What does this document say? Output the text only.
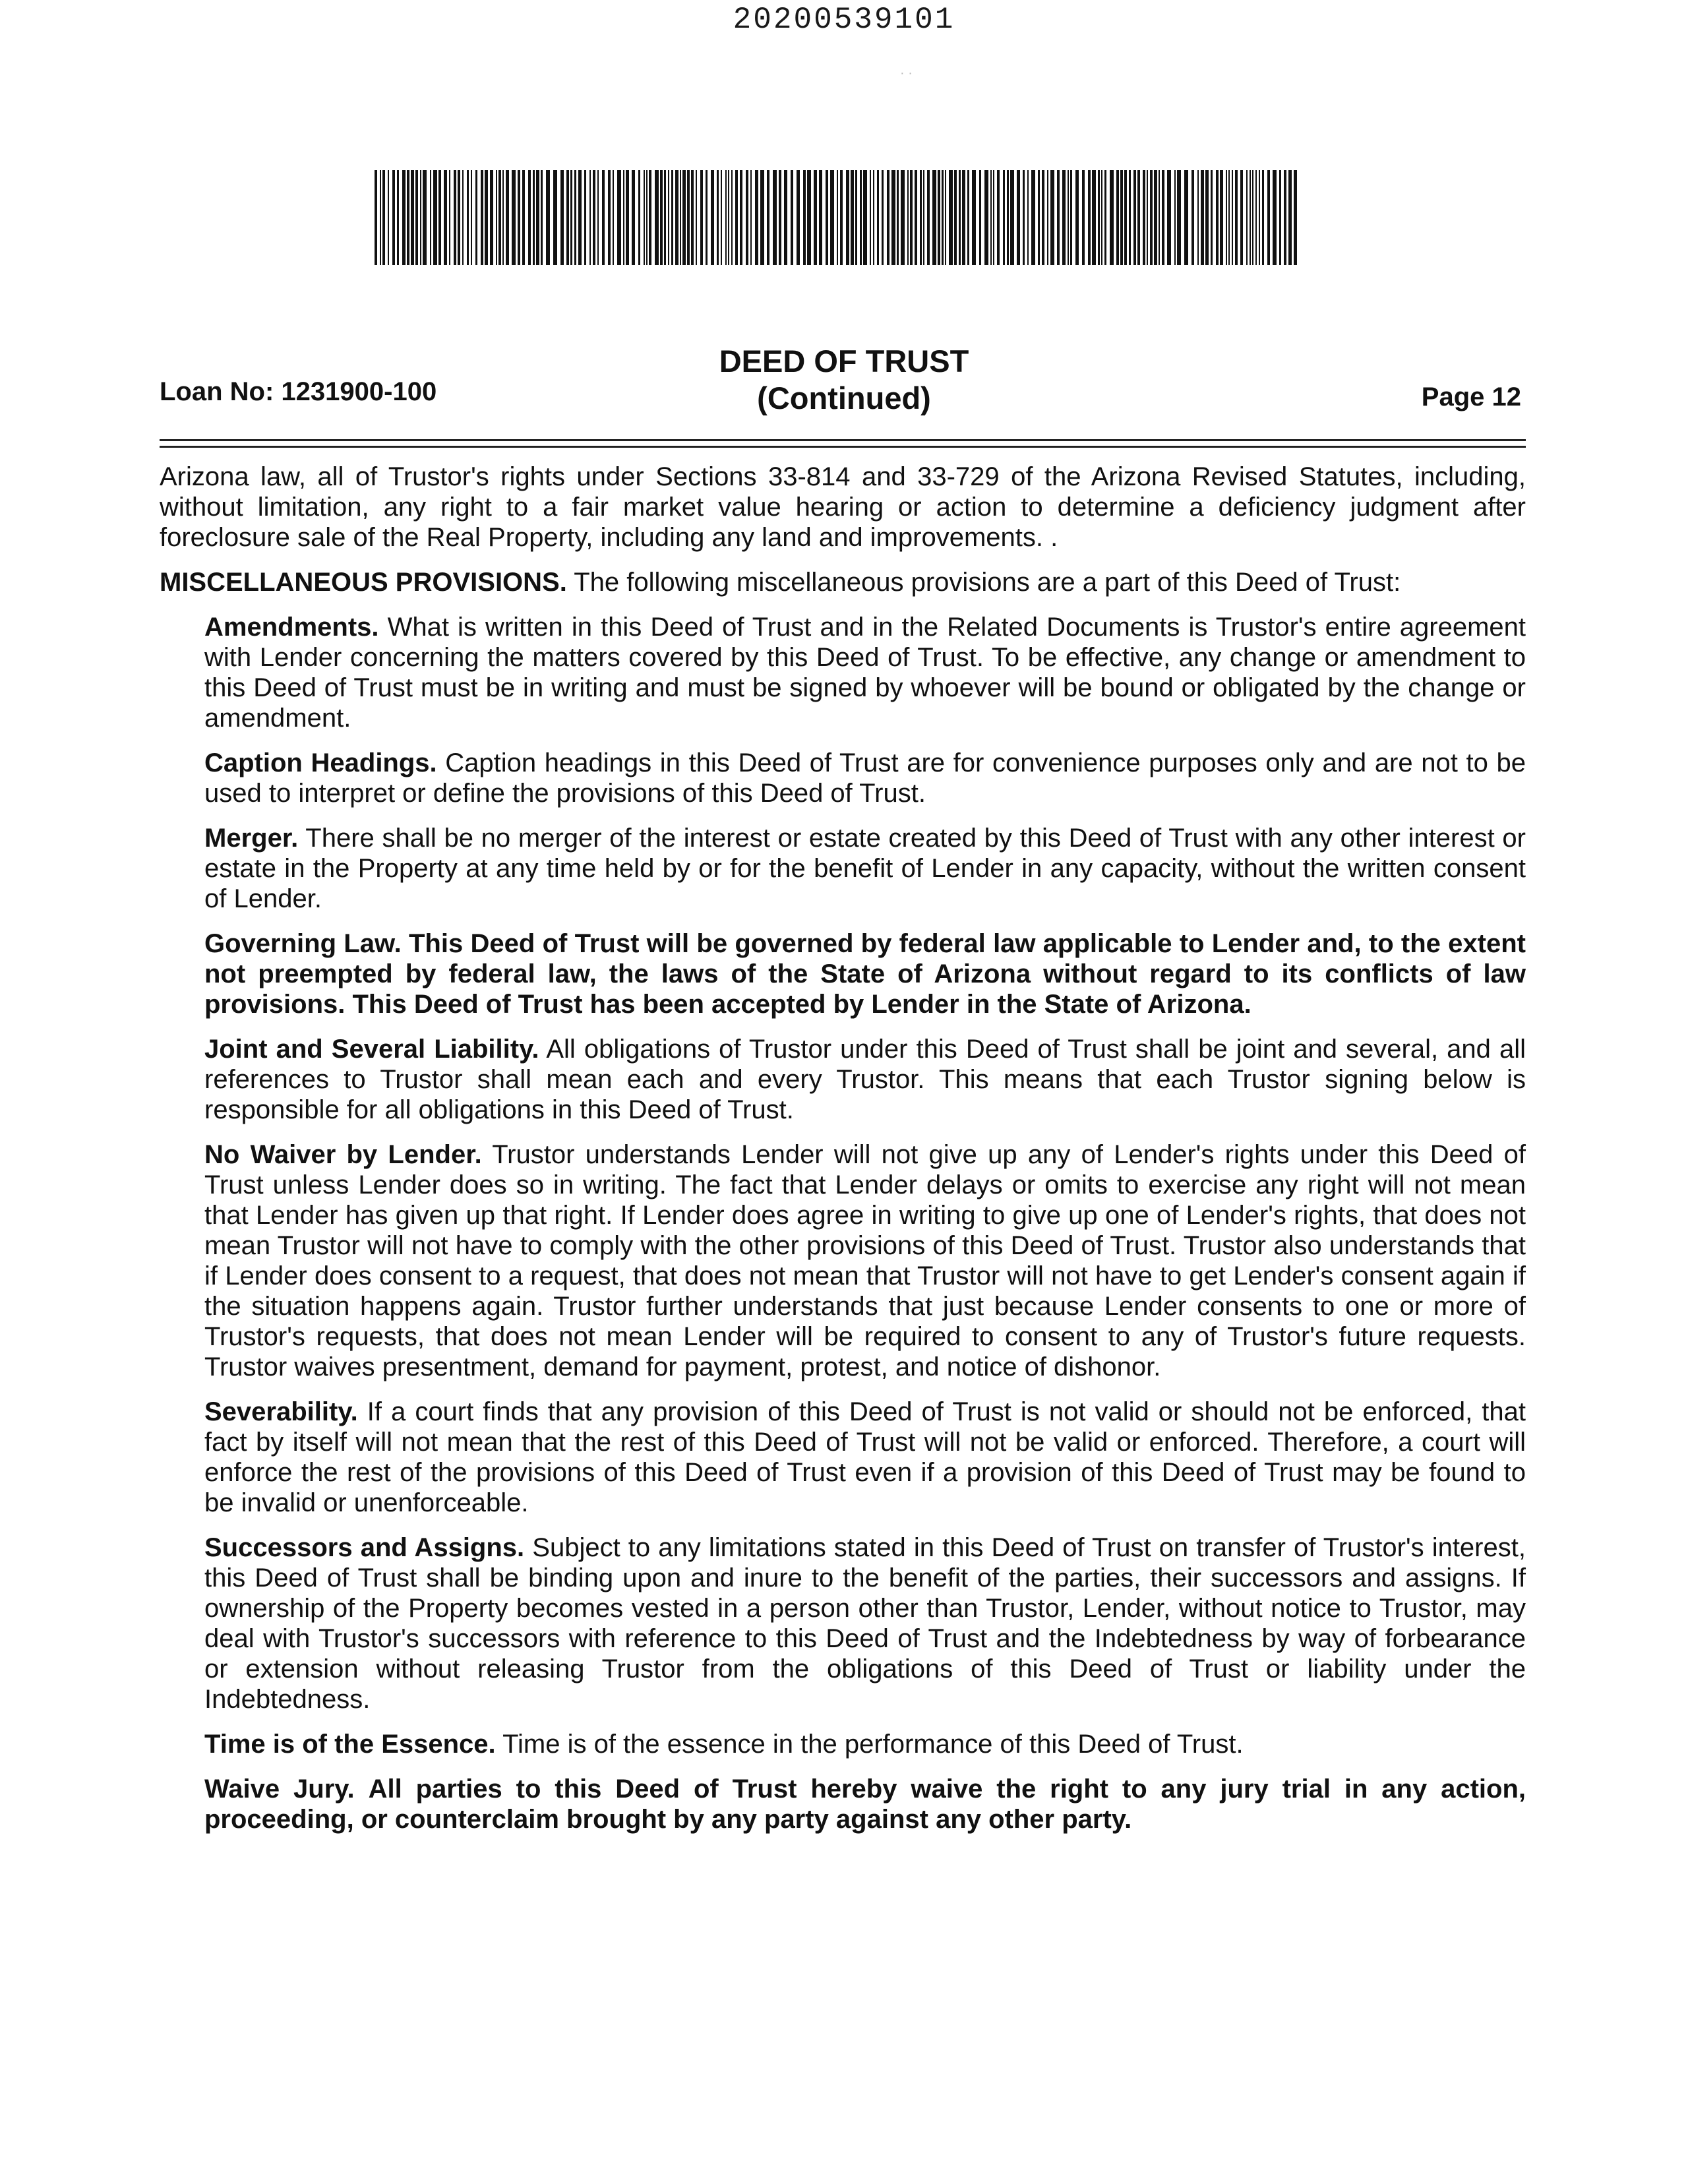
20200539101
· ·
DEED OF TRUST
(Continued)
Loan No: 1231900-100	Page 12

Arizona law, all of Trustor's rights under Sections 33-814 and 33-729 of the Arizona Revised Statutes, including, without limitation, any right to a fair market value hearing or action to determine a deficiency judgment after foreclosure sale of the Real Property, including any land and improvements. .

MISCELLANEOUS PROVISIONS. The following miscellaneous provisions are a part of this Deed of Trust:

Amendments. What is written in this Deed of Trust and in the Related Documents is Trustor's entire agreement with Lender concerning the matters covered by this Deed of Trust. To be effective, any change or amendment to this Deed of Trust must be in writing and must be signed by whoever will be bound or obligated by the change or amendment.

Caption Headings. Caption headings in this Deed of Trust are for convenience purposes only and are not to be used to interpret or define the provisions of this Deed of Trust.

Merger. There shall be no merger of the interest or estate created by this Deed of Trust with any other interest or estate in the Property at any time held by or for the benefit of Lender in any capacity, without the written consent of Lender.

Governing Law. This Deed of Trust will be governed by federal law applicable to Lender and, to the extent not preempted by federal law, the laws of the State of Arizona without regard to its conflicts of law provisions. This Deed of Trust has been accepted by Lender in the State of Arizona.

Joint and Several Liability. All obligations of Trustor under this Deed of Trust shall be joint and several, and all references to Trustor shall mean each and every Trustor. This means that each Trustor signing below is responsible for all obligations in this Deed of Trust.

No Waiver by Lender. Trustor understands Lender will not give up any of Lender's rights under this Deed of Trust unless Lender does so in writing. The fact that Lender delays or omits to exercise any right will not mean that Lender has given up that right. If Lender does agree in writing to give up one of Lender's rights, that does not mean Trustor will not have to comply with the other provisions of this Deed of Trust. Trustor also understands that if Lender does consent to a request, that does not mean that Trustor will not have to get Lender's consent again if the situation happens again. Trustor further understands that just because Lender consents to one or more of Trustor's requests, that does not mean Lender will be required to consent to any of Trustor's future requests. Trustor waives presentment, demand for payment, protest, and notice of dishonor.

Severability. If a court finds that any provision of this Deed of Trust is not valid or should not be enforced, that fact by itself will not mean that the rest of this Deed of Trust will not be valid or enforced. Therefore, a court will enforce the rest of the provisions of this Deed of Trust even if a provision of this Deed of Trust may be found to be invalid or unenforceable.

Successors and Assigns. Subject to any limitations stated in this Deed of Trust on transfer of Trustor's interest, this Deed of Trust shall be binding upon and inure to the benefit of the parties, their successors and assigns. If ownership of the Property becomes vested in a person other than Trustor, Lender, without notice to Trustor, may deal with Trustor's successors with reference to this Deed of Trust and the Indebtedness by way of forbearance or extension without releasing Trustor from the obligations of this Deed of Trust or liability under the Indebtedness.

Time is of the Essence. Time is of the essence in the performance of this Deed of Trust.

Waive Jury. All parties to this Deed of Trust hereby waive the right to any jury trial in any action, proceeding, or counterclaim brought by any party against any other party.
